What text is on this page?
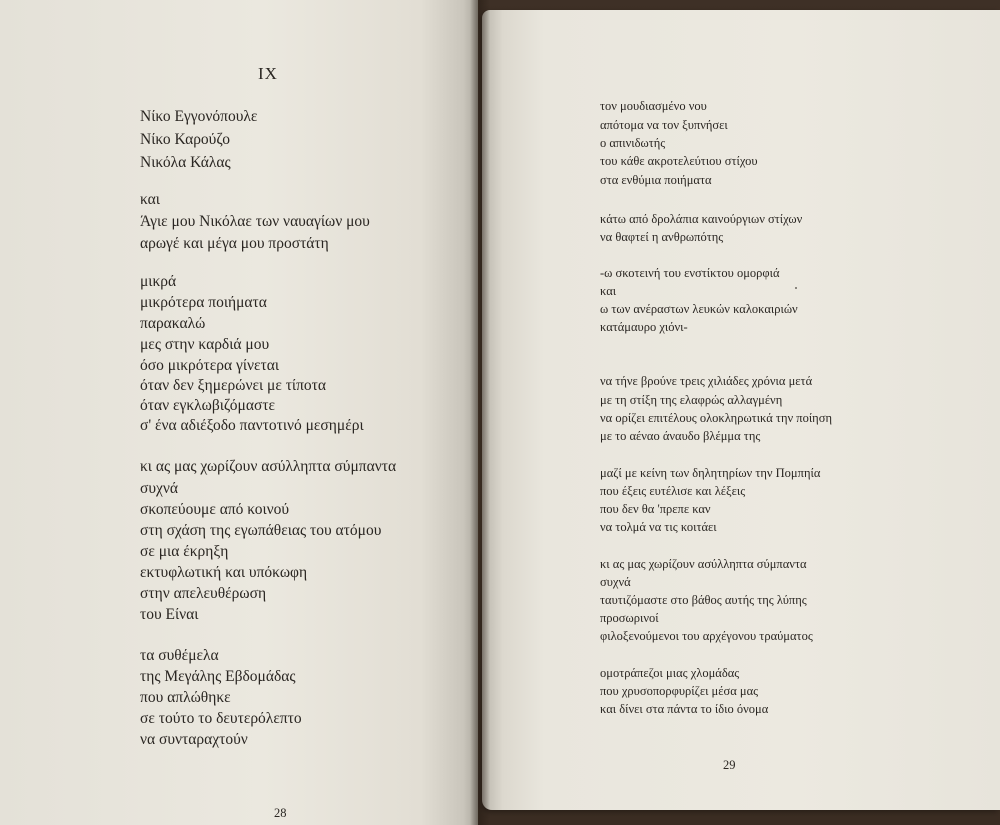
IX
Νίκο Εγγονόπουλε
Νίκο Καρούζο
Νικόλα Κάλας
και
Άγιε μου Νικόλαε των ναυαγίων μου
αρωγέ και μέγα μου προστάτη
μικρά
μικρότερα ποιήματα
παρακαλώ
μες στην καρδιά μου
όσο μικρότερα γίνεται
όταν δεν ξημερώνει με τίποτα
όταν εγκλωβιζόμαστε
σ' ένα αδιέξοδο παντοτινό μεσημέρι
κι ας μας χωρίζουν ασύλληπτα σύμπαντα
συχνά
σκοπεύουμε από κοινού
στη σχάση της εγωπάθειας του ατόμου
σε μια έκρηξη
εκτυφλωτική και υπόκωφη
στην απελευθέρωση
του Είναι
τα συθέμελα
της Μεγάλης Εβδομάδας
που απλώθηκε
σε τούτο το δευτερόλεπτο
να συνταραχτούν
τον μουδιασμένο νου
απότομα να τον ξυπνήσει
ο απινιδωτής
του κάθε ακροτελεύτιου στίχου
στα ενθύμια ποιήματα
κάτω από δρολάπια καινούργιων στίχων
να θαφτεί η ανθρωπότης
-ω σκοτεινή του ενστίκτου ομορφιά
και
ω των ανέραστων λευκών καλοκαιριών
κατάμαυρο χιόνι-
να τήνε βρούνε τρεις χιλιάδες χρόνια μετά
με τη στίξη της ελαφρώς αλλαγμένη
να ορίζει επιτέλους ολοκληρωτικά την ποίηση
με το αέναο άναυδο βλέμμα της
μαζί με κείνη των δηλητηρίων την Πομπηία
που έξεις ευτέλισε και λέξεις
που δεν θα 'πρεπε καν
να τολμά να τις κοιτάει
κι ας μας χωρίζουν ασύλληπτα σύμπαντα
συχνά
ταυτιζόμαστε στο βάθος αυτής της λύπης
προσωρινοί
φιλοξενούμενοι του αρχέγονου τραύματος
ομοτράπεζοι μιας χλομάδας
που χρυσοπορφυρίζει μέσα μας
και δίνει στα πάντα το ίδιο όνομα
28
29
